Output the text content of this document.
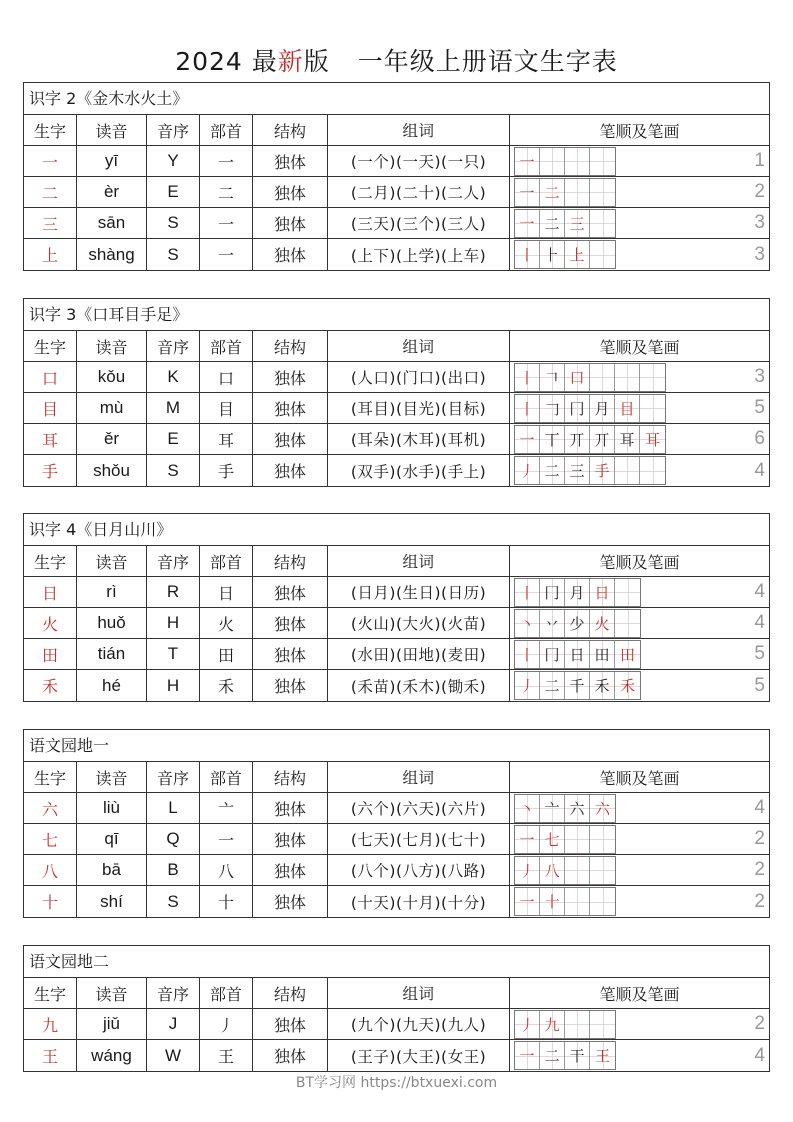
2024 最新版 一年级上册语文生字表
识字 2《金木水火土》
生字	读音	音序	部首	结构	组词	笔顺及笔画
一	yī	Y	一	独体	(一个)(一天)(一只)	一	1
二	èr	E	二	独体	(二月)(二十)(二人)	一 二	2
三	sān	S	一	独体	(三天)(三个)(三人)	一 二 三	3
上	shàng	S	一	独体	(上下)(上学)(上车)	丨 ⺊ 上	3
识字 3《口耳目手足》
生字	读音	音序	部首	结构	组词	笔顺及笔画
口	kǒu	K	口	独体	(人口)(门口)(出口)	丨 𠃍 口	3
目	mù	M	目	独体	(耳目)(目光)(目标)	丨 𠃌 冂 月 目	5
耳	ěr	E	耳	独体	(耳朵)(木耳)(耳机)	一 丅 丌 丌 耳 耳	6
手	shǒu	S	手	独体	(双手)(水手)(手上)	丿 二 三 手	4
识字 4《日月山川》
生字	读音	音序	部首	结构	组词	笔顺及笔画
日	rì	R	日	独体	(日月)(生日)(日历)	丨 冂 月 日	4
火	huǒ	H	火	独体	(火山)(大火)(火苗)	丶 丷 少 火	4
田	tián	T	田	独体	(水田)(田地)(麦田)	丨 冂 日 田 田	5
禾	hé	H	禾	独体	(禾苗)(禾木)(锄禾)	丿 二 千 禾 禾	5
语文园地一
生字	读音	音序	部首	结构	组词	笔顺及笔画
六	liù	L	亠	独体	(六个)(六天)(六片)	丶 亠 六 六	4
七	qī	Q	一	独体	(七天)(七月)(七十)	一 七	2
八	bā	B	八	独体	(八个)(八方)(八路)	丿 八	2
十	shí	S	十	独体	(十天)(十月)(十分)	一 十	2
语文园地二
生字	读音	音序	部首	结构	组词	笔顺及笔画
九	jiǔ	J	丿	独体	(九个)(九天)(九人)	丿 九	2
王	wáng	W	王	独体	(王子)(大王)(女王)	一 二 干 王	4
BT学习网 https://btxuexi.com
